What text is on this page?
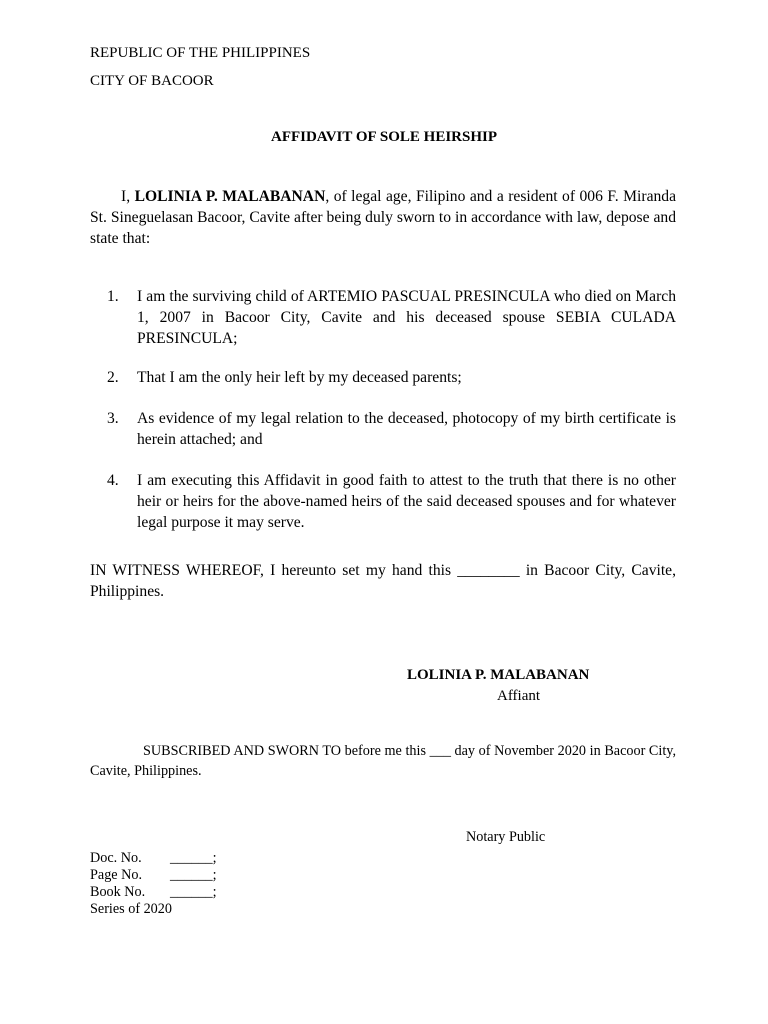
REPUBLIC OF THE PHILIPPINES
CITY OF BACOOR
AFFIDAVIT OF SOLE HEIRSHIP
I, LOLINIA P. MALABANAN, of legal age, Filipino and a resident of 006 F. Miranda St. Sineguelasan Bacoor, Cavite after being duly sworn to in accordance with law, depose and state that:
1.	I am the surviving child of ARTEMIO PASCUAL PRESINCULA who died on March 1, 2007 in Bacoor City, Cavite and his deceased spouse SEBIA CULADA PRESINCULA;
2.	That I am the only heir left by my deceased parents;
3.	As evidence of my legal relation to the deceased, photocopy of my birth certificate is herein attached; and
4.	I am executing this Affidavit in good faith to attest to the truth that there is no other heir or heirs for the above-named heirs of the said deceased spouses and for whatever legal purpose it may serve.
IN WITNESS WHEREOF, I hereunto set my hand this ________ in Bacoor City, Cavite, Philippines.
LOLINIA P. MALABANAN
Affiant
SUBSCRIBED AND SWORN TO before me this ___ day of November 2020 in Bacoor City, Cavite, Philippines.
Notary Public
Doc. No. ______;
Page No. ______;
Book No. ______;
Series of 2020
